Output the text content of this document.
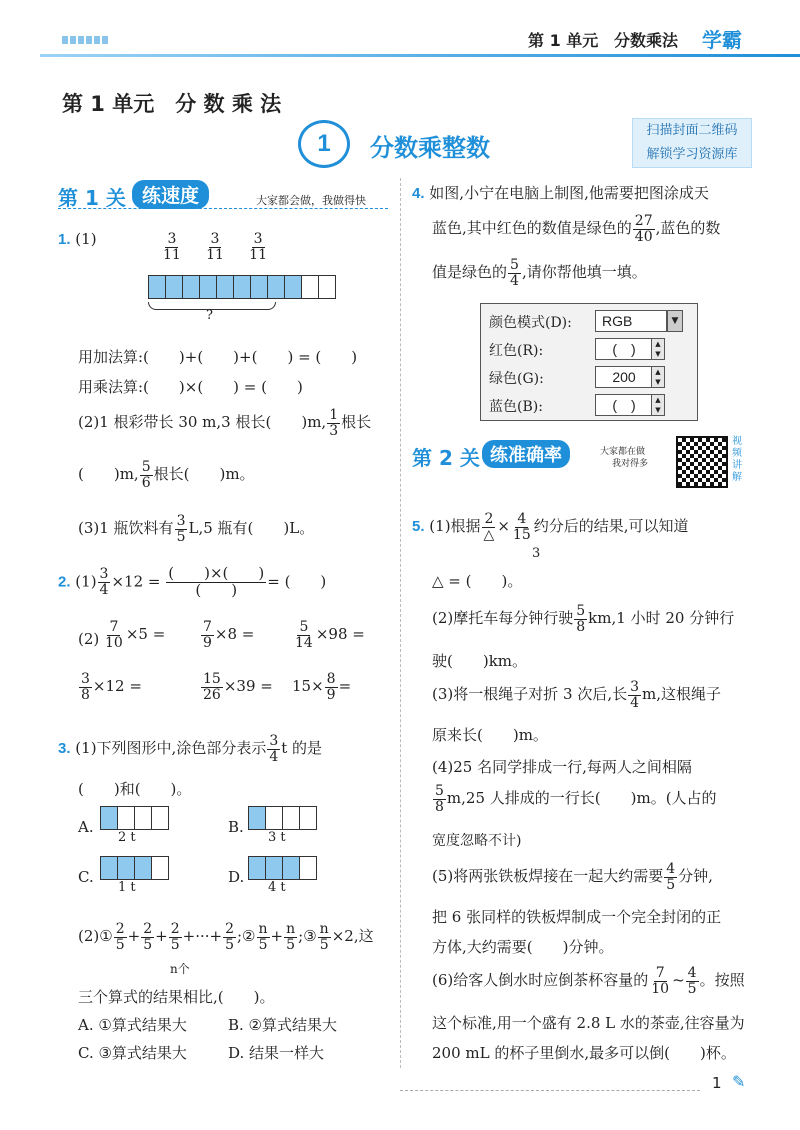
第 1 单元 分数乘法 学霸
第 1 单元　 分 数 乘 法
1	分数乘整数
扫描封面二维码
解锁学习资源库
第 1 关 练速度	大家都会做，我做得快
1. (1)	$\frac{3}{11} \frac{3}{11} \frac{3}{11}$
?
用加法算:(　　)+(　　)+(　　) = (　　)
用乘法算:(　　)×(　　) = (　　)
(2)1 根彩带长 30 m,3 根长(　　)m, $\frac{1}{3}$ 根长
(　　)m, $\frac{5}{6}$ 根长(　　)m。
(3)1 瓶饮料有 $\frac{3}{5} L,5$ 瓶有(　　)L。
2. $(1) \frac{3}{4} \times 12 = \frac{( )\times( )}{( )}$ = (　　)
$(2) \frac{7}{10} \times 5$ =	$\frac{7}{9} \times 8$ =	$\frac{5}{14} \times 98$ =
$\frac{3}{8} \times 12$ =	$\frac{15}{26} \times 39 = 15\times \frac{8}{9}$ =
3. (1)下列图形中,涂色部分表示 $\frac{3}{4}$ t 的是
(　　)和(　　)。
A.
2 t
B.
3 t
C.
1 t
D.
4 t
(2)① $\frac{2}{5} + \frac{2}{5} + \frac{2}{5}$ +···+ $\frac{2}{5}$ ;② $\frac{n}{5} + \frac{n}{5}$ ;③ $\frac{n}{5} \times 2$,这
n个
三个算式的结果相比,(　　)。
A. ①算式结果大	B. ②算式结果大
C. ③算式结果大	D. 结果一样大
4. 如图,小宁在电脑上制图,他需要把图涂成天
蓝色,其中红色的数值是绿色的 $\frac{27}{40}$ ,蓝色的数
值是绿色的 $\frac{5}{4}$ ,请你帮他填一填。
颜色模式(D):	RGB	▼
红色(R):	(　)	▲
▼
绿色(G):	200	▲
▼
蓝色(B):	(　)	▲
▼
第 2 关 练准确率	大家都在做
我对得多
视频讲解
5. (1)根据 $\frac{2}{\triangle} \times \frac{4}{15}$ 约分后的结果,可以知道
3
△ = (　　)。
(2)摩托车每分钟行驶 $\frac{5}{8} km,1$ 小时 20 分钟行
驶(　　)km。
(3)将一根绳子对折 3 次后,长 $\frac{3}{4} m$,这根绳子
原来长(　　)m。
(4)25 名同学排成一行,每两人之间相隔
$\frac{5}{8} m,25$ 人排成的一行长(　　)m。(人占的
宽度忽略不计)
(5)将两张铁板焊接在一起大约需要 $\frac{4}{5}$ 分钟,
把 6 张同样的铁板焊制成一个完全封闭的正
方体,大约需要(　　)分钟。
(6)给客人倒水时应倒茶杯容量的 $\frac{7}{10}$ ~ $\frac{4}{5}$ 。按照
这个标准,用一个盛有 2.8 L 水的茶壶,往容量为
200 mL 的杯子里倒水,最多可以倒(　　)杯。
1 ✎
